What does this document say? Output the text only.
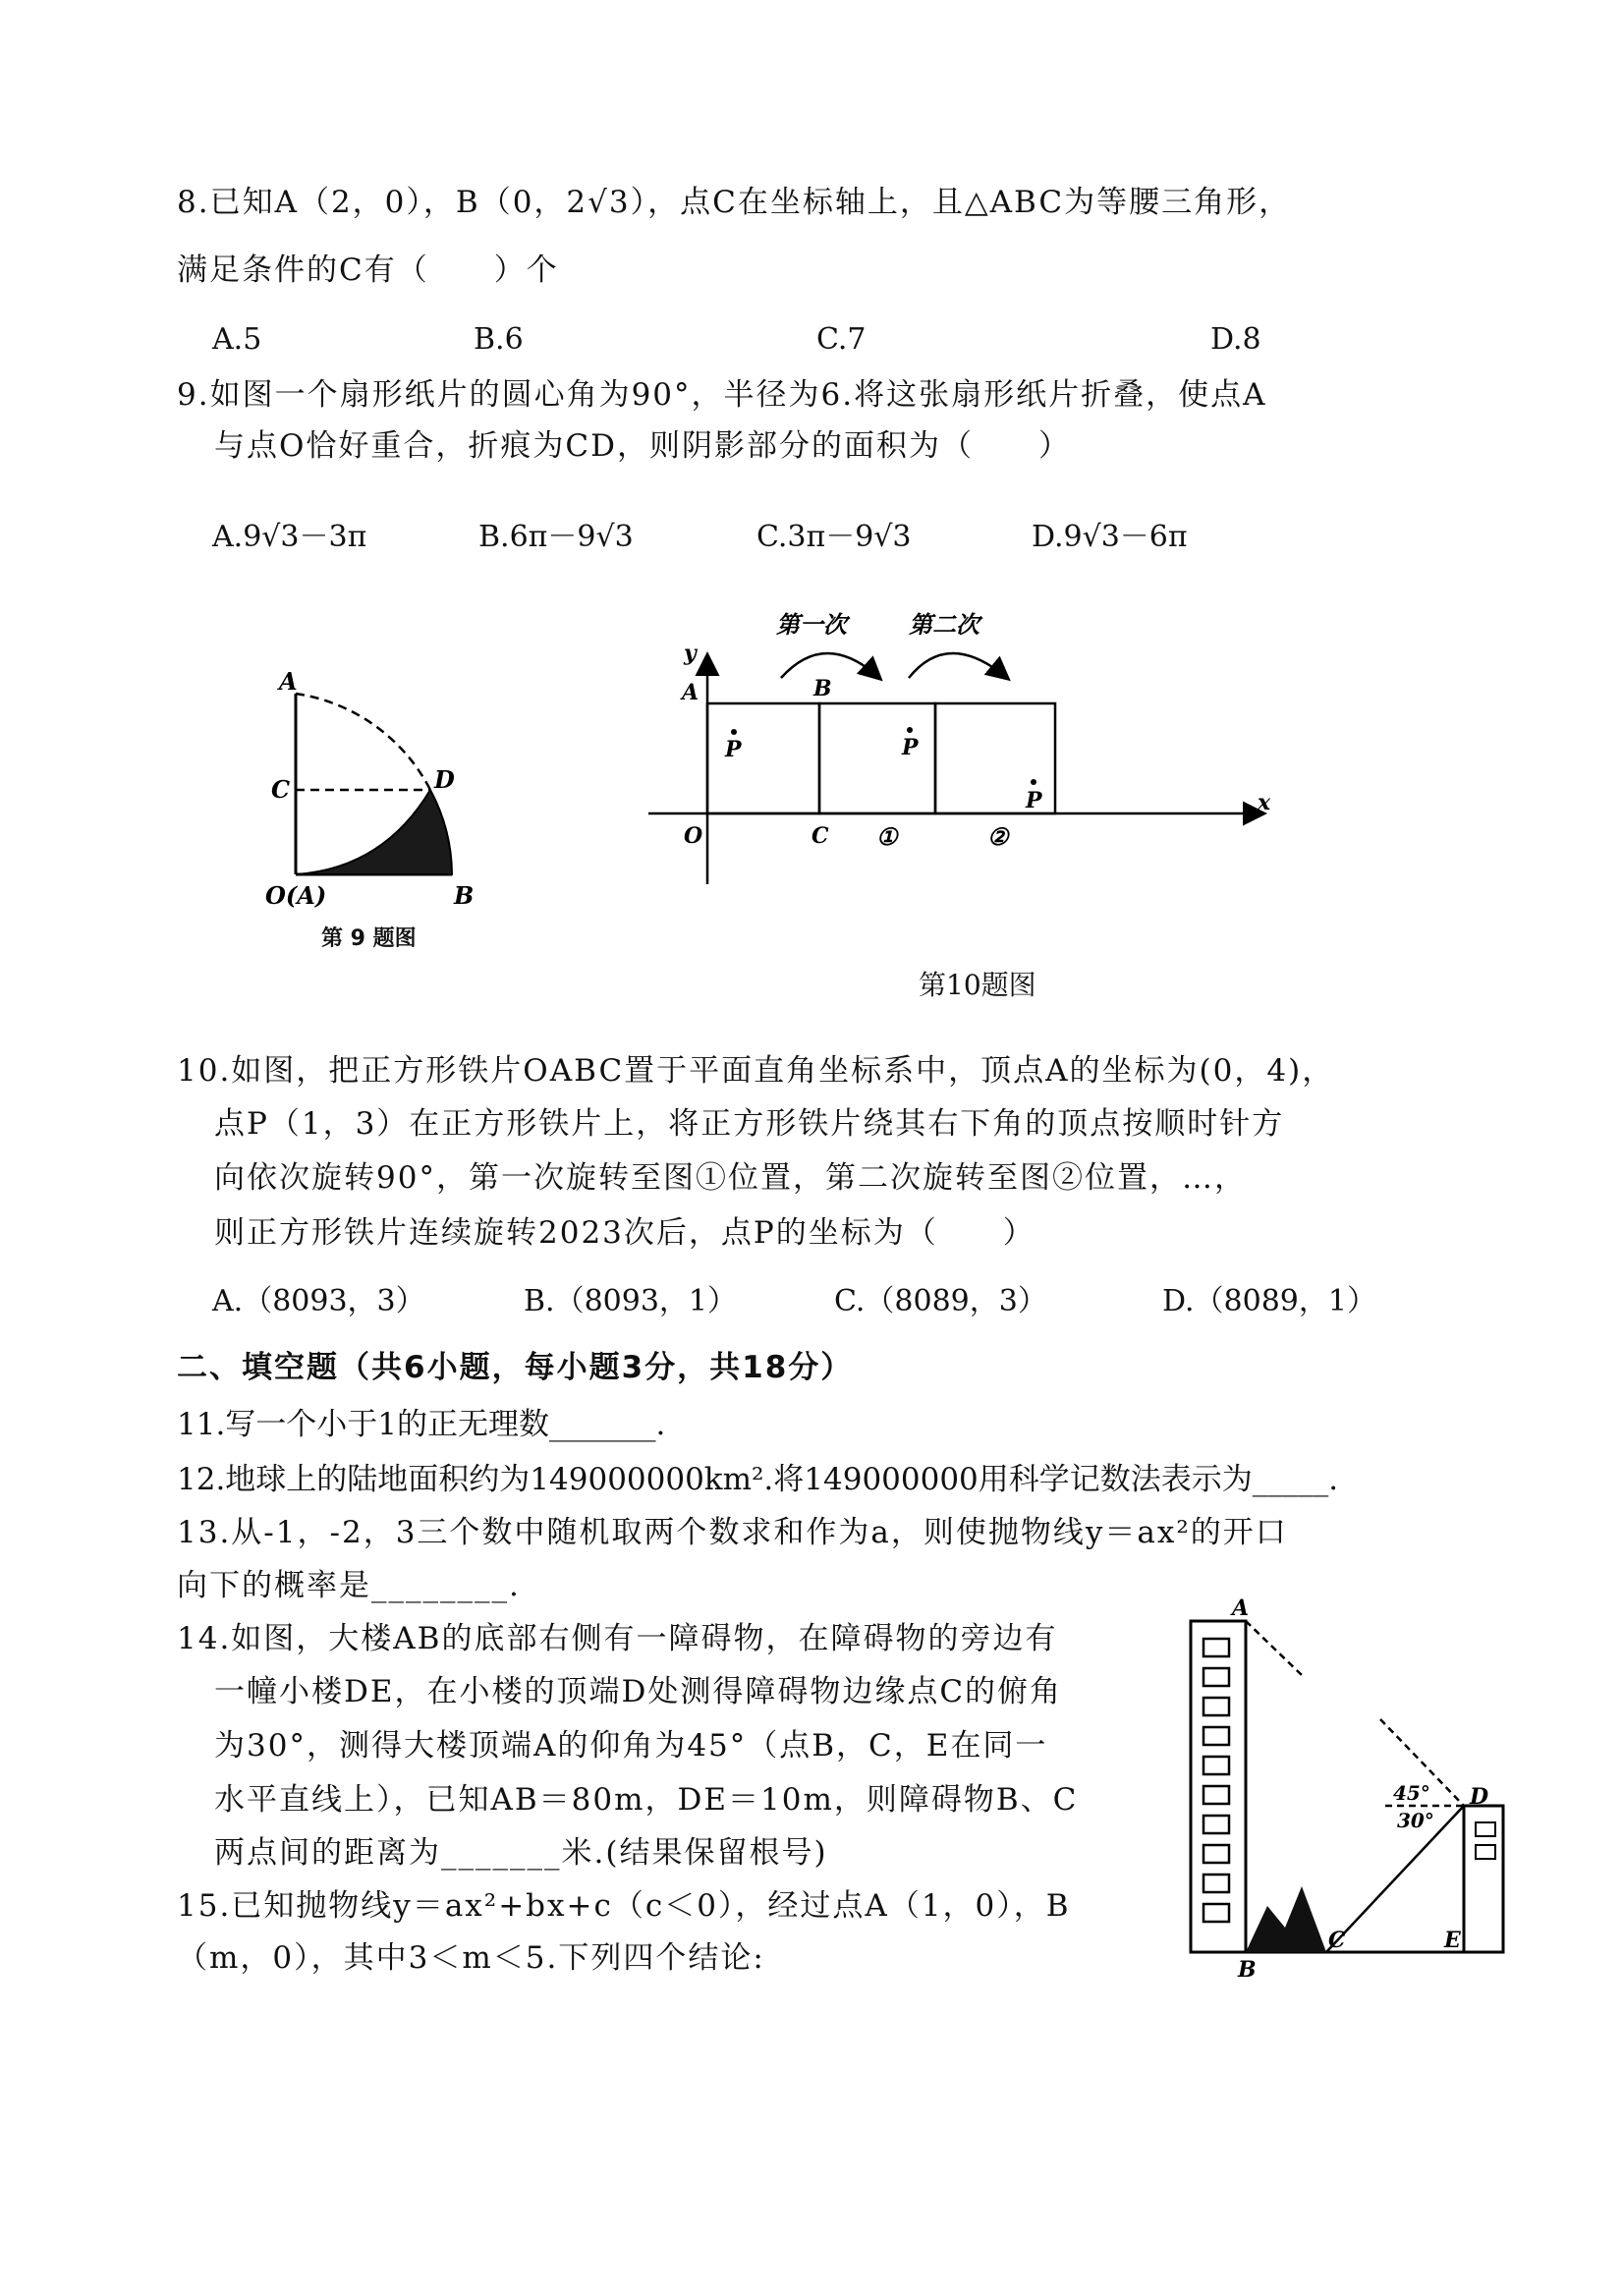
8.已知A（2，0），B（0，2√3），点C在坐标轴上，且△ABC为等腰三角形，
满足条件的C有（　　）个
A.5	B.6	C.7	D.8
9.如图一个扇形纸片的圆心角为90°，半径为6.将这张扇形纸片折叠，使点A
与点O恰好重合，折痕为CD，则阴影部分的面积为（　　）
A.9√3－3π	B.6π－9√3	C.3π－9√3	D.9√3－6π
A
C	D
O(A)	B
第 9 题图
第一次	第二次
y
x
A	B
C
O
P	P
P
①	②
第10题图
10.如图，把正方形铁片OABC置于平面直角坐标系中，顶点A的坐标为(0，4)，
点P（1，3）在正方形铁片上，将正方形铁片绕其右下角的顶点按顺时针方
向依次旋转90°，第一次旋转至图①位置，第二次旋转至图②位置，…，
则正方形铁片连续旋转2023次后，点P的坐标为（　　）
A.（8093，3）	B.（8093，1）	C.（8089，3）	D.（8089，1）
二、填空题（共6小题，每小题3分，共18分）
11.写一个小于1的正无理数_______.
12.地球上的陆地面积约为149000000km².将149000000用科学记数法表示为_____.
13.从-1，-2，3三个数中随机取两个数求和作为a，则使抛物线y＝ax²的开口
向下的概率是________.
14.如图，大楼AB的底部右侧有一障碍物，在障碍物的旁边有
一幢小楼DE，在小楼的顶端D处测得障碍物边缘点C的俯角
为30°，测得大楼顶端A的仰角为45°（点B，C，E在同一
水平直线上），已知AB＝80m，DE＝10m，则障碍物B、C
两点间的距离为_______米.(结果保留根号)
A
B
C
D
E
45°
30°
15.已知抛物线y＝ax²+bx+c（c＜0），经过点A（1，0），B
（m，0），其中3＜m＜5.下列四个结论:
